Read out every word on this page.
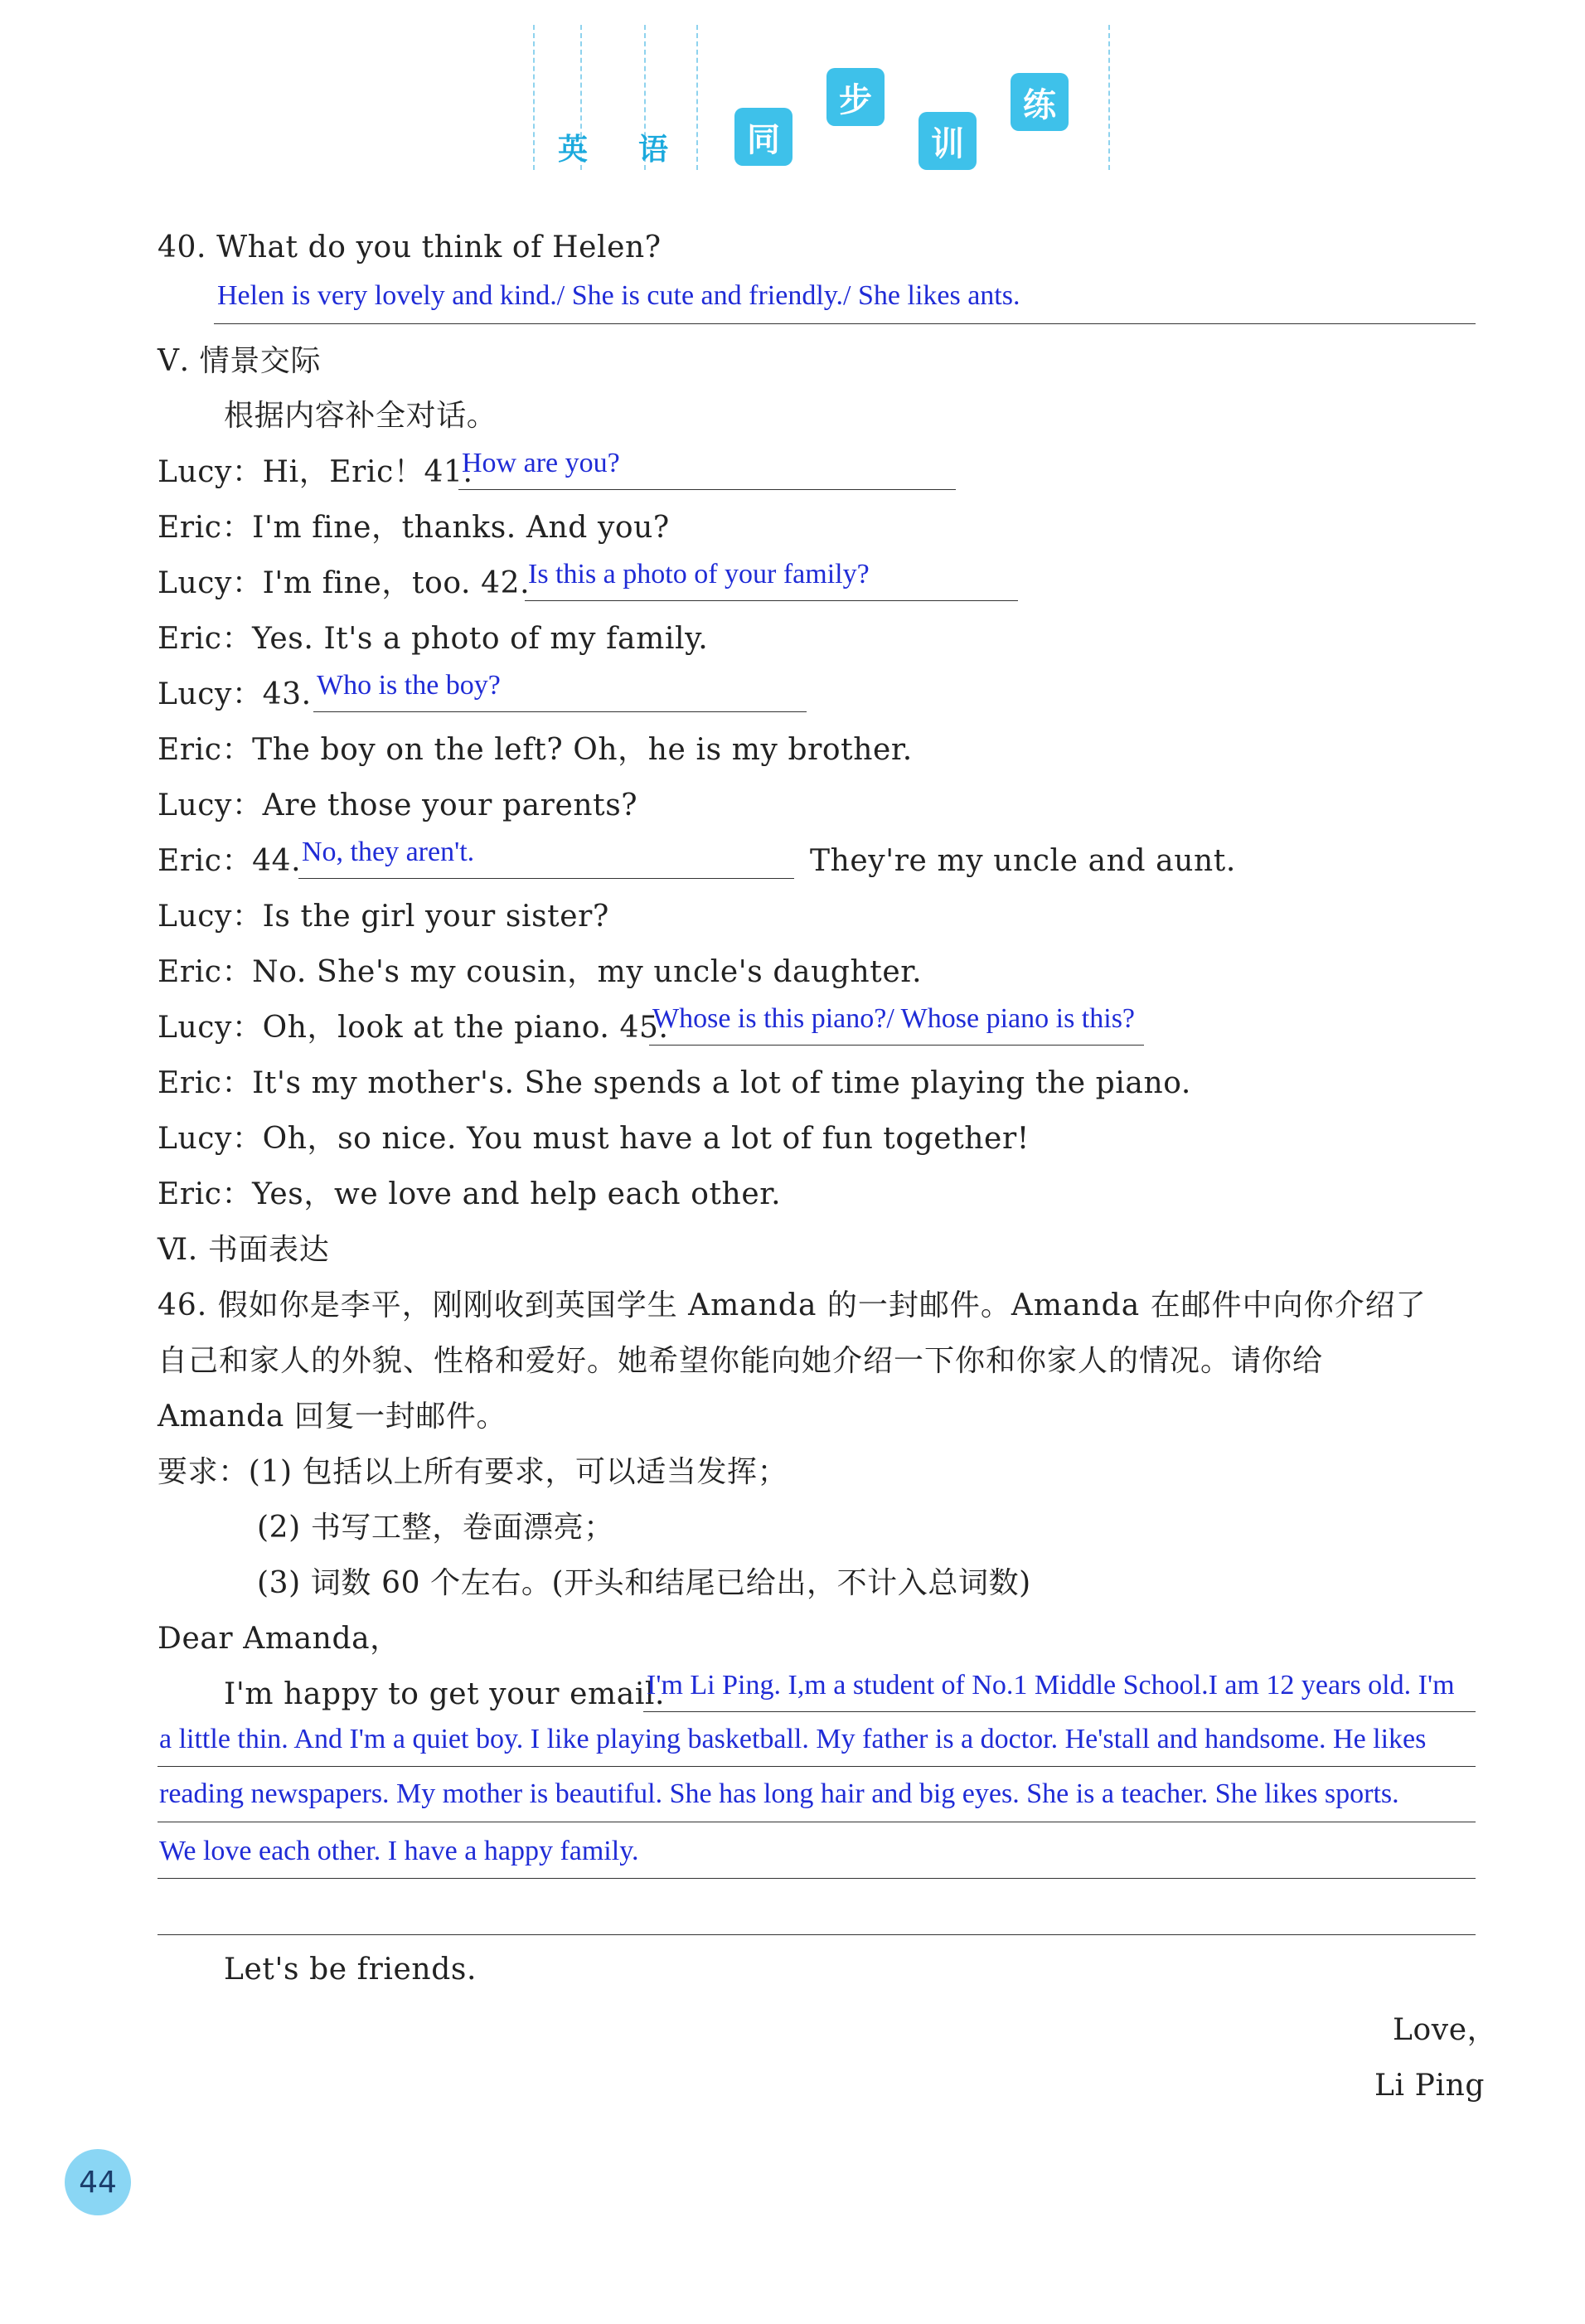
英 语	同
步
训
练
40. What do you think of Helen?
Helen is very lovely and kind./ She is cute and friendly./ She likes ants.
Ⅴ. 情景交际
根据内容补全对话。
Lucy：Hi，Eric！41.
How are you?
Eric：I'm fine，thanks. And you?
Lucy：I'm fine，too. 42.
Is this a photo of your family?
Eric：Yes. It's a photo of my family.
Lucy：43. Who is the boy?
Eric：The boy on the left? Oh，he is my brother.
Lucy：Are those your parents?
Eric：44. No, they aren't.	They're my uncle and aunt.
Lucy：Is the girl your sister?
Eric：No. She's my cousin，my uncle's daughter.
Lucy：Oh，look at the piano. 45.
Whose is this piano?/ Whose piano is this?
Eric：It's my mother's. She spends a lot of time playing the piano.
Lucy：Oh，so nice. You must have a lot of fun together!
Eric：Yes，we love and help each other.
Ⅵ. 书面表达
46. 假如你是李平，刚刚收到英国学生 Amanda 的一封邮件。Amanda 在邮件中向你介绍了
自己和家人的外貌、性格和爱好。她希望你能向她介绍一下你和你家人的情况。请你给
Amanda 回复一封邮件。
要求：(1) 包括以上所有要求，可以适当发挥；
(2) 书写工整，卷面漂亮；
(3) 词数 60 个左右。(开头和结尾已给出，不计入总词数)
Dear Amanda，
I'm happy to get your email.
I'm Li Ping. I,m a student of No.1 Middle School.I am 12 years old. I'm
a little thin. And I'm a quiet boy. I like playing basketball. My father is a doctor. He'stall and handsome. He likes
reading newspapers. My mother is beautiful. She has long hair and big eyes. She is a teacher. She likes sports.
We love each other. I have a happy family.
Let's be friends.
Love，
Li Ping
44
